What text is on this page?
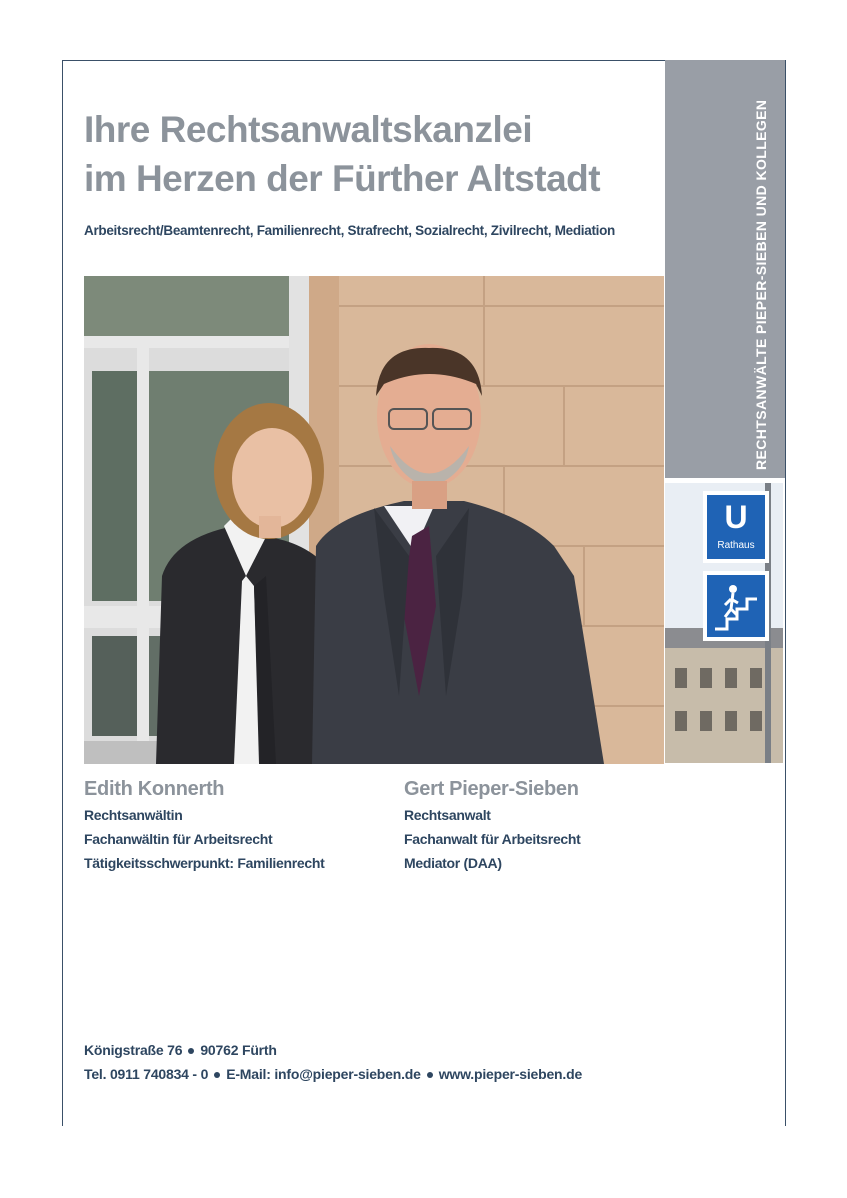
Ihre Rechtsanwaltskanzlei
im Herzen der Fürther Altstadt
Arbeitsrecht/Beamtenrecht, Familienrecht, Strafrecht, Sozialrecht, Zivilrecht, Mediation	RECHTSANWÄLTE PIEPER-SIEBEN UND KOLLEGEN
U
Rathaus
Edith Konnerth
Rechtsanwältin
Fachanwältin für Arbeitsrecht
Tätigkeitsschwerpunkt: Familienrecht
Gert Pieper-Sieben
Rechtsanwalt
Fachanwalt für Arbeitsrecht
Mediator (DAA)
Königstraße 76 90762 Fürth
Tel. 0911 740834 - 0 E-Mail: info@pieper-sieben.de www.pieper-sieben.de
